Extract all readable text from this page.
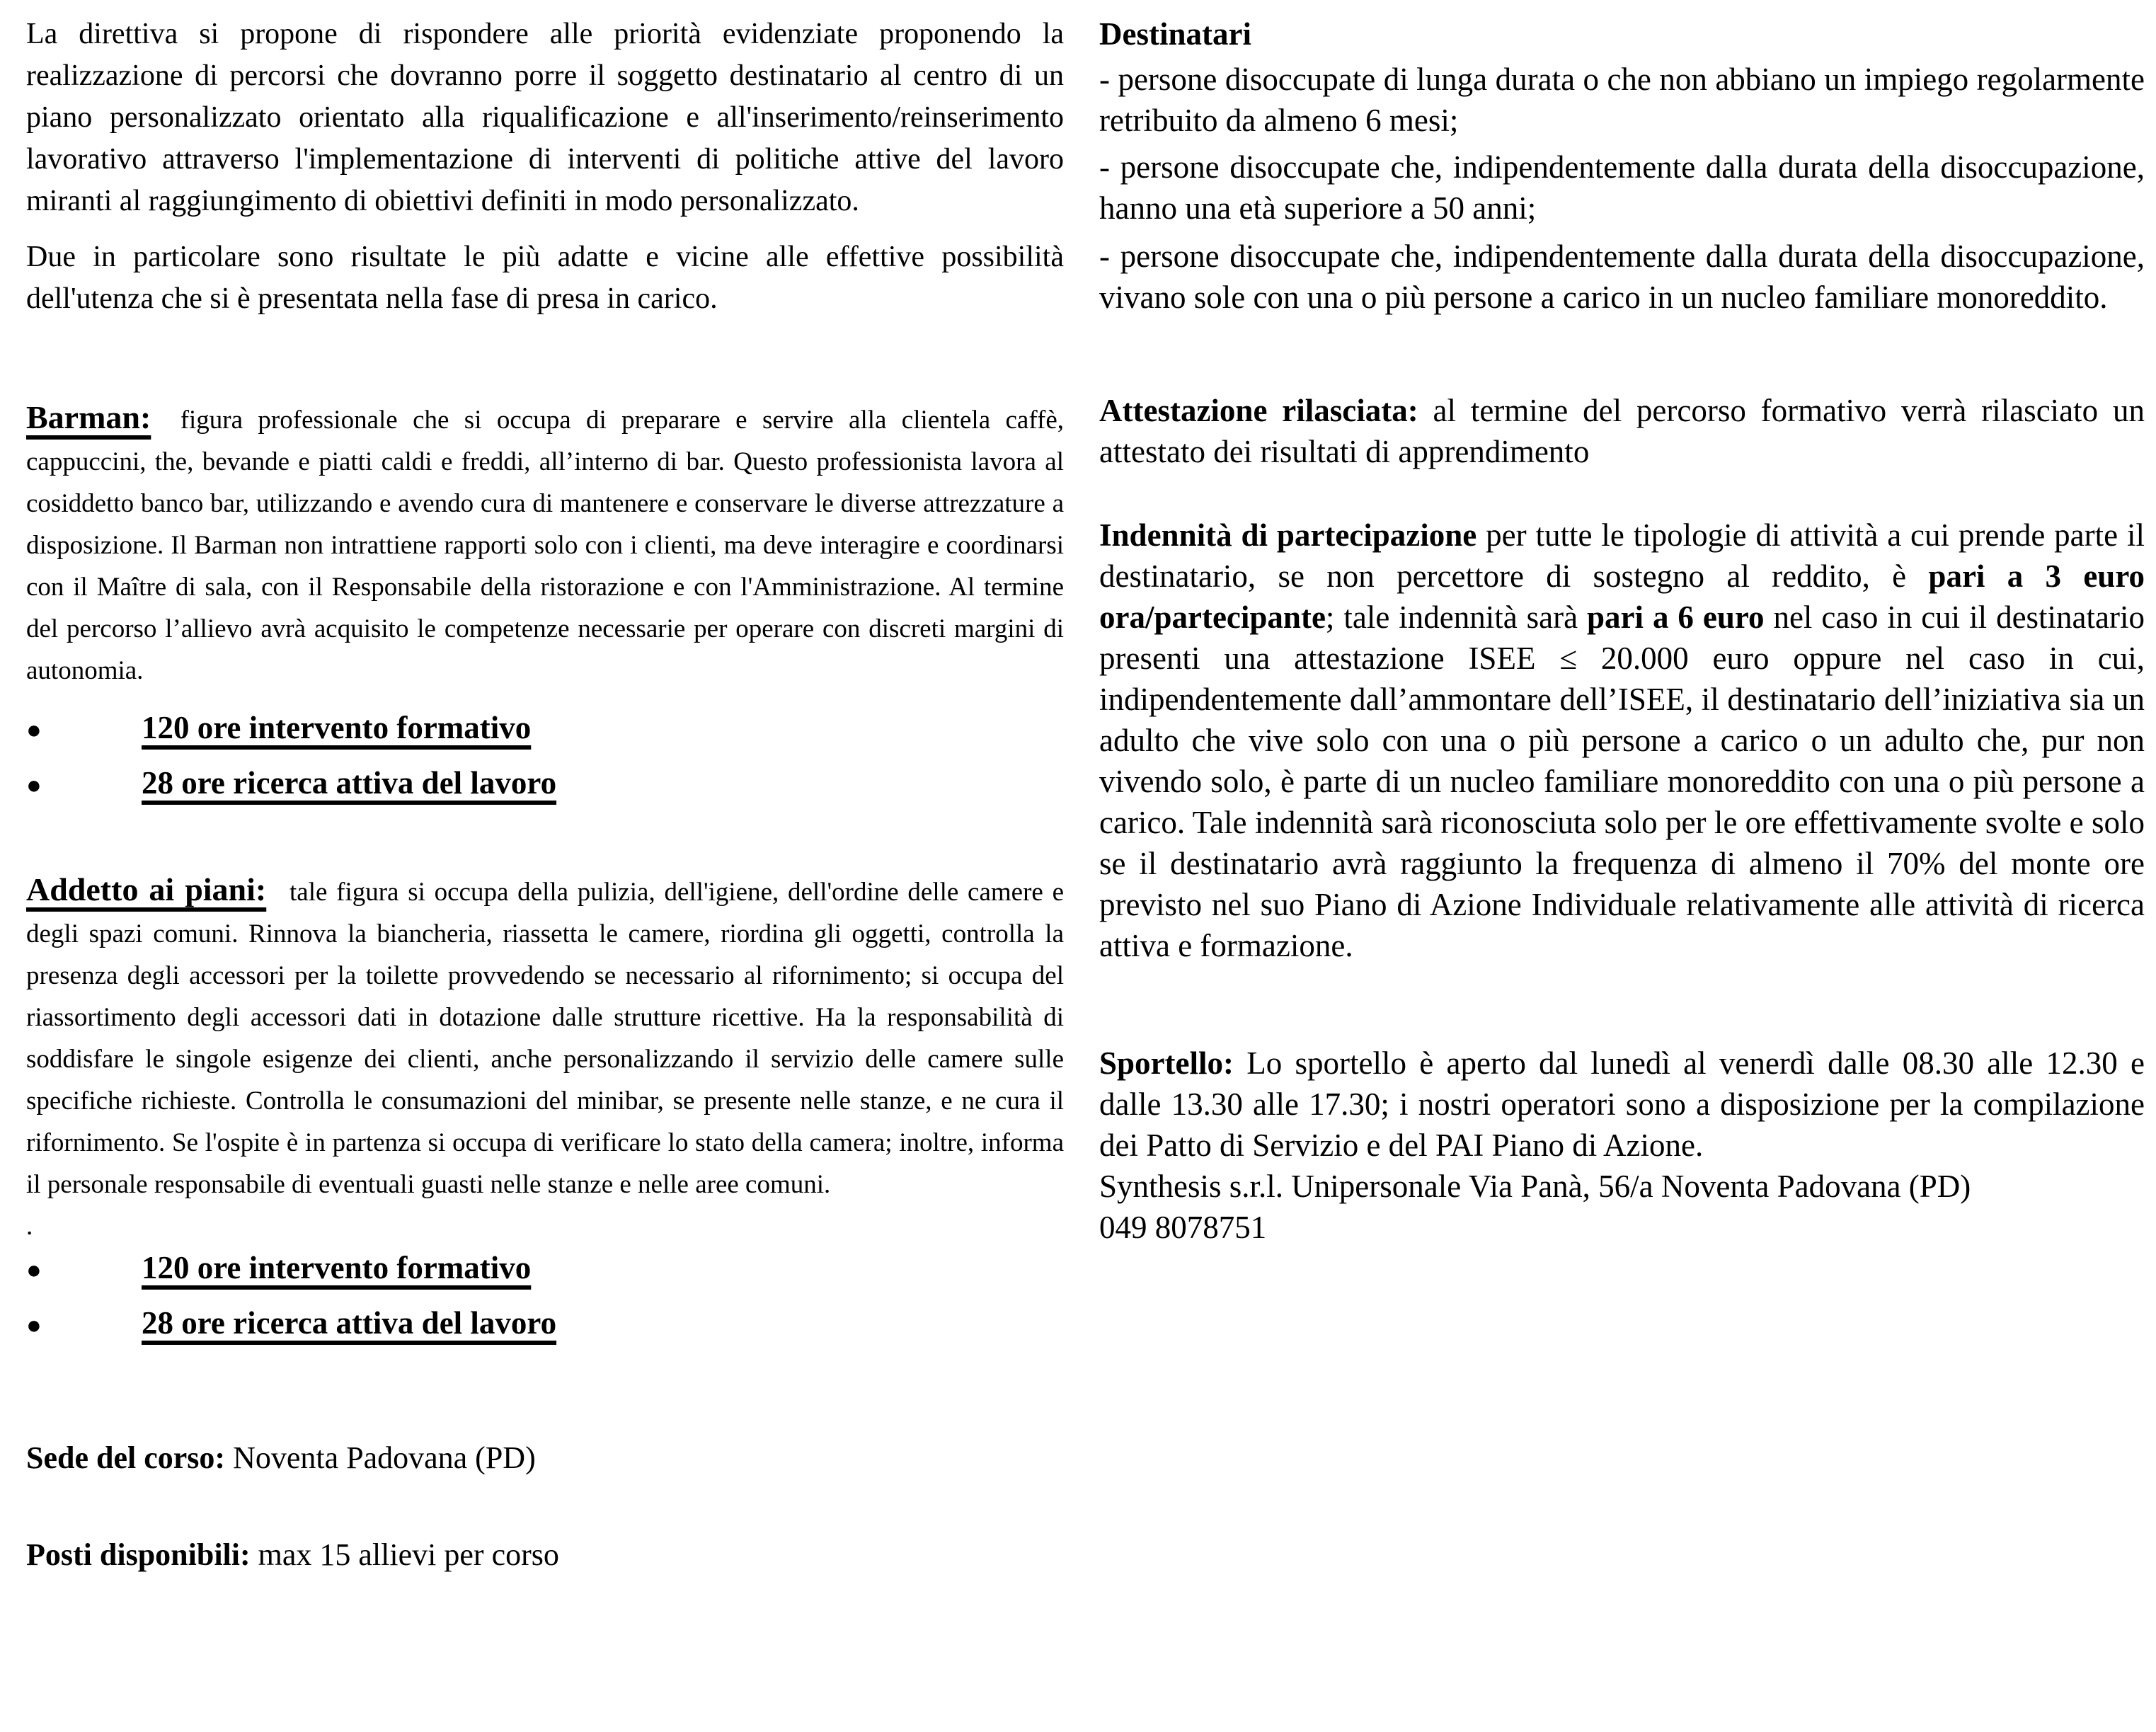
La direttiva si propone di rispondere alle priorità evidenziate proponendo la realizzazione di percorsi che dovranno porre il soggetto destinatario al centro di un piano personalizzato orientato alla riqualificazione e all'inserimento/reinserimento lavorativo attraverso l'implementazione di interventi di politiche attive del lavoro miranti al raggiungimento di obiettivi definiti in modo personalizzato.
Due in particolare sono risultate le più adatte e vicine alle effettive possibilità dell'utenza che si è presentata nella fase di presa in carico.
Barman: figura professionale che si occupa di preparare e servire alla clientela caffè, cappuccini, the, bevande e piatti caldi e freddi, all’interno di bar. Questo professionista lavora al cosiddetto banco bar, utilizzando e avendo cura di mantenere e conservare le diverse attrezzature a disposizione. Il Barman non intrattiene rapporti solo con i clienti, ma deve interagire e coordinarsi con il Maître di sala, con il Responsabile della ristorazione e con l'Amministrazione. Al termine del percorso l’allievo avrà acquisito le competenze necessarie per operare con discreti margini di autonomia.
●	120 ore intervento formativo
●	28 ore ricerca attiva del lavoro
Addetto ai piani: tale figura si occupa della pulizia, dell'igiene, dell'ordine delle camere e degli spazi comuni. Rinnova la biancheria, riassetta le camere, riordina gli oggetti, controlla la presenza degli accessori per la toilette provvedendo se necessario al rifornimento; si occupa del riassortimento degli accessori dati in dotazione dalle strutture ricettive. Ha la responsabilità di soddisfare le singole esigenze dei clienti, anche personalizzando il servizio delle camere sulle specifiche richieste. Controlla le consumazioni del minibar, se presente nelle stanze, e ne cura il rifornimento. Se l'ospite è in partenza si occupa di verificare lo stato della camera; inoltre, informa il personale responsabile di eventuali guasti nelle stanze e nelle aree comuni.
.
●	120 ore intervento formativo
●	28 ore ricerca attiva del lavoro
Sede del corso: Noventa Padovana (PD)
Posti disponibili: max 15 allievi per corso
Destinatari
- persone disoccupate di lunga durata o che non abbiano un impiego regolarmente retribuito da almeno 6 mesi;
- persone disoccupate che, indipendentemente dalla durata della disoccupazione, hanno una età superiore a 50 anni;
- persone disoccupate che, indipendentemente dalla durata della disoccupazione, vivano sole con una o più persone a carico in un nucleo familiare monoreddito.
Attestazione rilasciata: al termine del percorso formativo verrà rilasciato un attestato dei risultati di apprendimento
Indennità di partecipazione per tutte le tipologie di attività a cui prende parte il destinatario, se non percettore di sostegno al reddito, è pari a 3 euro ora/partecipante; tale indennità sarà pari a 6 euro nel caso in cui il destinatario presenti una attestazione ISEE ≤ 20.000 euro oppure nel caso in cui, indipendentemente dall’ammontare dell’ISEE, il destinatario dell’iniziativa sia un adulto che vive solo con una o più persone a carico o un adulto che, pur non vivendo solo, è parte di un nucleo familiare monoreddito con una o più persone a carico. Tale indennità sarà riconosciuta solo per le ore effettivamente svolte e solo se il destinatario avrà raggiunto la frequenza di almeno il 70% del monte ore previsto nel suo Piano di Azione Individuale relativamente alle attività di ricerca attiva e formazione.
Sportello: Lo sportello è aperto dal lunedì al venerdì dalle 08.30 alle 12.30 e dalle 13.30 alle 17.30; i nostri operatori sono a disposizione per la compilazione dei Patto di Servizio e del PAI Piano di Azione.
Synthesis s.r.l. Unipersonale Via Panà, 56/a Noventa Padovana (PD)
049 8078751
